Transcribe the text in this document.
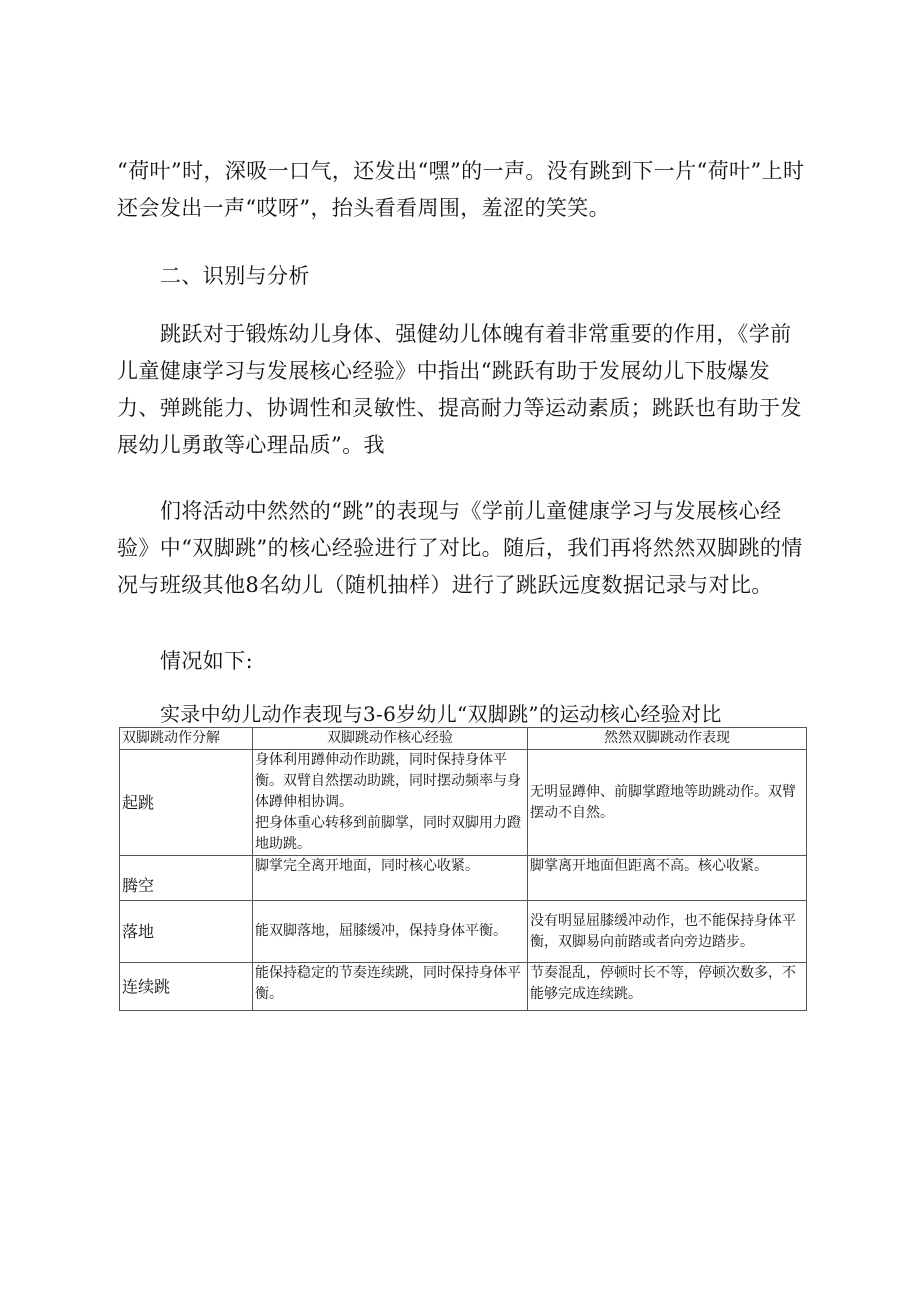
“荷叶”时，深吸一口气，还发出“嘿”的一声。没有跳到下一片“荷叶”上时还会发出一声“哎呀”，抬头看看周围，羞涩的笑笑。

二、识别与分析

跳跃对于锻炼幼儿身体、强健幼儿体魄有着非常重要的作用，《学前儿童健康学习与发展核心经验》中指出“跳跃有助于发展幼儿下肢爆发力、弹跳能力、协调性和灵敏性、提高耐力等运动素质；跳跃也有助于发展幼儿勇敢等心理品质”。我

们将活动中然然的“跳”的表现与《学前儿童健康学习与发展核心经验》中“双脚跳”的核心经验进行了对比。随后，我们再将然然双脚跳的情况与班级其他8名幼儿（随机抽样）进行了跳跃远度数据记录与对比。

情况如下:

实录中幼儿动作表现与3-6岁幼儿“双脚跳”的运动核心经验对比

双脚跳动作分解	双脚跳动作核心经验	然然双脚跳动作表现
起跳	身体利用蹲伸动作助跳，同时保持身体平衡。双臂自然摆动助跳，同时摆动频率与身体蹲伸相协调。
把身体重心转移到前脚掌，同时双脚用力蹬地助跳。	无明显蹲伸、前脚掌蹬地等助跳动作。双臂摆动不自然。
腾空	脚掌完全离开地面，同时核心收紧。	脚掌离开地面但距离不高。核心收紧。
落地	能双脚落地，屈膝缓冲，保持身体平衡。	没有明显屈膝缓冲动作，也不能保持身体平衡，双脚易向前踏或者向旁边踏步。
连续跳	能保持稳定的节奏连续跳，同时保持身体平衡。	节奏混乱，停顿时长不等，停顿次数多，不能够完成连续跳。
